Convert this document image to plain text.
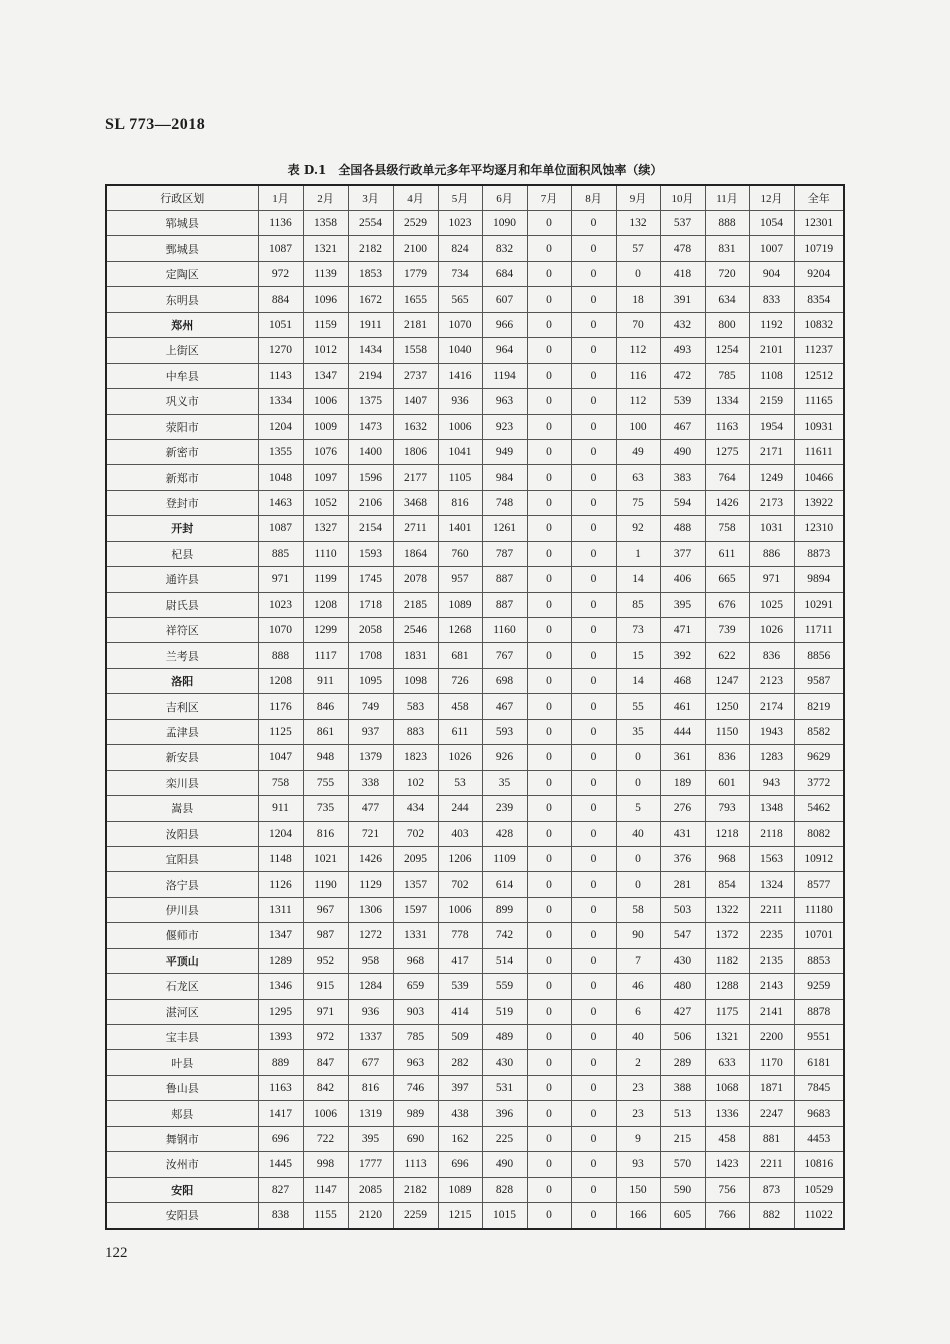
SL 773—2018
表 D.1　全国各县级行政单元多年平均逐月和年单位面积风蚀率（续）
行政区划	1月	2月	3月	4月	5月	6月	7月	8月	9月	10月	11月	12月	全年
郓城县	1136	1358	2554	2529	1023	1090	0	0	132	537	888	1054	12301
鄄城县	1087	1321	2182	2100	824	832	0	0	57	478	831	1007	10719
定陶区	972	1139	1853	1779	734	684	0	0	0	418	720	904	9204
东明县	884	1096	1672	1655	565	607	0	0	18	391	634	833	8354
郑州	1051	1159	1911	2181	1070	966	0	0	70	432	800	1192	10832
上街区	1270	1012	1434	1558	1040	964	0	0	112	493	1254	2101	11237
中牟县	1143	1347	2194	2737	1416	1194	0	0	116	472	785	1108	12512
巩义市	1334	1006	1375	1407	936	963	0	0	112	539	1334	2159	11165
荥阳市	1204	1009	1473	1632	1006	923	0	0	100	467	1163	1954	10931
新密市	1355	1076	1400	1806	1041	949	0	0	49	490	1275	2171	11611
新郑市	1048	1097	1596	2177	1105	984	0	0	63	383	764	1249	10466
登封市	1463	1052	2106	3468	816	748	0	0	75	594	1426	2173	13922
开封	1087	1327	2154	2711	1401	1261	0	0	92	488	758	1031	12310
杞县	885	1110	1593	1864	760	787	0	0	1	377	611	886	8873
通许县	971	1199	1745	2078	957	887	0	0	14	406	665	971	9894
尉氏县	1023	1208	1718	2185	1089	887	0	0	85	395	676	1025	10291
祥符区	1070	1299	2058	2546	1268	1160	0	0	73	471	739	1026	11711
兰考县	888	1117	1708	1831	681	767	0	0	15	392	622	836	8856
洛阳	1208	911	1095	1098	726	698	0	0	14	468	1247	2123	9587
吉利区	1176	846	749	583	458	467	0	0	55	461	1250	2174	8219
孟津县	1125	861	937	883	611	593	0	0	35	444	1150	1943	8582
新安县	1047	948	1379	1823	1026	926	0	0	0	361	836	1283	9629
栾川县	758	755	338	102	53	35	0	0	0	189	601	943	3772
嵩县	911	735	477	434	244	239	0	0	5	276	793	1348	5462
汝阳县	1204	816	721	702	403	428	0	0	40	431	1218	2118	8082
宜阳县	1148	1021	1426	2095	1206	1109	0	0	0	376	968	1563	10912
洛宁县	1126	1190	1129	1357	702	614	0	0	0	281	854	1324	8577
伊川县	1311	967	1306	1597	1006	899	0	0	58	503	1322	2211	11180
偃师市	1347	987	1272	1331	778	742	0	0	90	547	1372	2235	10701
平顶山	1289	952	958	968	417	514	0	0	7	430	1182	2135	8853
石龙区	1346	915	1284	659	539	559	0	0	46	480	1288	2143	9259
湛河区	1295	971	936	903	414	519	0	0	6	427	1175	2141	8878
宝丰县	1393	972	1337	785	509	489	0	0	40	506	1321	2200	9551
叶县	889	847	677	963	282	430	0	0	2	289	633	1170	6181
鲁山县	1163	842	816	746	397	531	0	0	23	388	1068	1871	7845
郏县	1417	1006	1319	989	438	396	0	0	23	513	1336	2247	9683
舞钢市	696	722	395	690	162	225	0	0	9	215	458	881	4453
汝州市	1445	998	1777	1113	696	490	0	0	93	570	1423	2211	10816
安阳	827	1147	2085	2182	1089	828	0	0	150	590	756	873	10529
安阳县	838	1155	2120	2259	1215	1015	0	0	166	605	766	882	11022
122
